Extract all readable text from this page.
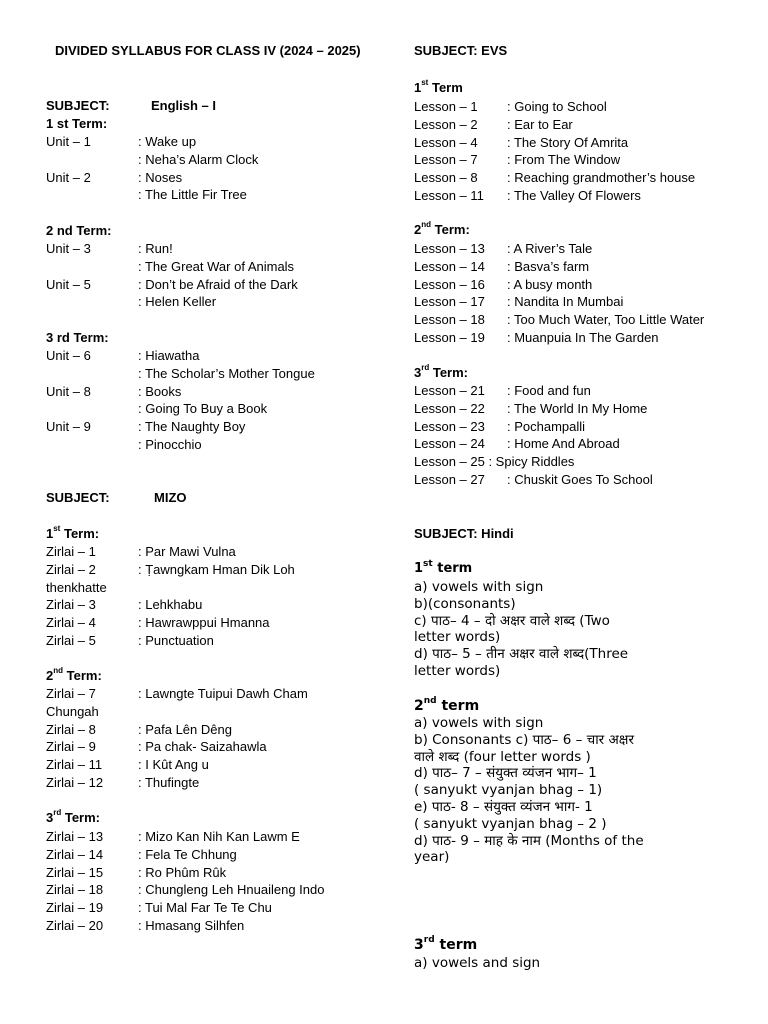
DIVIDED SYLLABUS FOR CLASS IV (2024 – 2025)
SUBJECT:	English – I
1 st Term:
Unit – 1	: Wake up
: Neha’s Alarm Clock
Unit – 2	: Noses
: The Little Fir Tree
2 nd Term:
Unit – 3	: Run!
: The Great War of Animals
Unit – 5	: Don’t be Afraid of the Dark
: Helen Keller
3 rd Term:
Unit – 6	: Hiawatha
: The Scholar’s Mother Tongue
Unit – 8	: Books
: Going To Buy a Book
Unit – 9	: The Naughty Boy
: Pinocchio
SUBJECT:	MIZO
1st Term:
Zirlai – 1	: Par Mawi Vulna
Zirlai – 2	: Ṭawngkam Hman Dik Loh
thenkhatte
Zirlai – 3	: Lehkhabu
Zirlai – 4	: Hawrawppui Hmanna
Zirlai – 5	: Punctuation
2nd Term:
Zirlai – 7	: Lawngte Tuipui Dawh Cham
Chungah
Zirlai – 8	: Pafa Lên Dêng
Zirlai – 9	: Pa chak- Saizahawla
Zirlai – 11	: I Kût Ang u
Zirlai – 12	: Thufingte
3rd Term:
Zirlai – 13	: Mizo Kan Nih Kan Lawm E
Zirlai – 14	: Fela Te Chhung
Zirlai – 15	: Ro Phûm Rûk
Zirlai – 18	: Chungleng Leh Hnuaileng Indo
Zirlai – 19	: Tui Mal Far Te Te Chu
Zirlai – 20	: Hmasang Silhfen
SUBJECT: EVS
1st Term
Lesson – 1 : Going to School
Lesson – 2 : Ear to Ear
Lesson – 4 : The Story Of Amrita
Lesson – 7 : From The Window
Lesson – 8 : Reaching grandmother’s house
Lesson – 11 : The Valley Of Flowers
2nd Term:
Lesson – 13 : A River’s Tale
Lesson – 14 : Basva’s farm
Lesson – 16 : A busy month
Lesson – 17 : Nandita In Mumbai
Lesson – 18 : Too Much Water, Too Little Water
Lesson – 19 : Muanpuia In The Garden
3rd Term:
Lesson – 21 : Food and fun
Lesson – 22 : The World In My Home
Lesson – 23 : Pochampalli
Lesson – 24 : Home And Abroad
Lesson – 25 : Spicy Riddles
Lesson – 27 : Chuskit Goes To School
SUBJECT: Hindi
1st term
a) vowels with sign
b)(consonants)
c) पाठ– 4 – दो अक्षर वाले शब्द (Two
letter words)
d) पाठ– 5 – तीन अक्षर वाले शब्द(Three
letter words)
2nd term
a) vowels with sign
b) Consonants c) पाठ– 6 – चार अक्षर
वाले शब्द (four letter words )
d) पाठ– 7 – संयुक्त व्यंजन भाग– 1
( sanyukt vyanjan bhag – 1)
e) पाठ- 8 – संयुक्त व्यंजन भाग- 1
( sanyukt vyanjan bhag – 2 )
d) पाठ- 9 – माह के नाम (Months of the
year)
3rd term
a) vowels and sign
